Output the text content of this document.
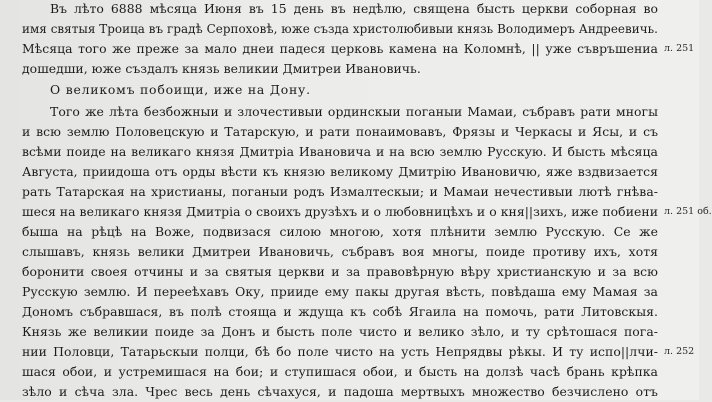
Въ лѣто 6888 мѣсяца Июня въ 15 день въ недѣлю, священа бысть церкви соборная во
имя святыя Троица въ градѣ Серпоховѣ, юже създа христолюбивыи князь Володимеръ Андреевичь.
Мѣсяца того же преже за мало днеи падеся церковь камена на Коломнѣ, || уже съвръшениа
дошедши, юже създалъ князь великии Дмитреи Ивановичь.
О великомъ побоищи, иже на Дону.
Того же лѣта безбожныи и злочестивыи ординскыи поганыи Мамаи, събравъ рати многы
и всю землю Половецскую и Татарскую, и рати понаимовавъ, Фрязы и Черкасы и Ясы, и съ
всѣми поиде на великаго князя Дмитрiа Ивановича и на всю землю Русскую. И бысть мѣсяца
Августа, приидоша отъ орды вѣсти къ князю великому Дмитрiю Ивановичю, яже вздвизается
рать Татарская на христианы, поганыи родъ Измалтескыи; и Мамаи нечестивыи лютѣ гнѣва-
шеся на великаго князя Дмитрiа о своихъ друзѣхъ и о любовницѣхъ и о кня||зихъ, иже побиени
быша на рѣцѣ на Воже, подвизася силою многою, хотя плѣнити землю Русскую. Се же
слышавъ, князь велики Дмитреи Ивановичь, събравъ воя многы, поиде противу ихъ, хотя
боронити своея отчины и за святыя церкви и за правовѣрную вѣру христианскую и за всю
Русскую землю. И перееѣхавъ Оку, прииде ему пакы другая вѣсть, повѣдаша ему Мамая за
Дономъ събравшася, въ полѣ стояща и ждуща къ собѣ Ягаила на помочь, рати Литовскыя.
Князь же великии поиде за Донъ и бысть поле чисто и велико зѣло, и ту срѣтошася пога-
нии Половци, Татарьскыи полци, бѣ бо поле чисто на усть Непрядвы рѣкы. И ту испо||лчи-
шася обои, и устремишася на бои; и ступишася обои, и бысть на долзѣ часѣ брань крѣпка
зѣло и сѣча зла. Чрес весь день сѣчахуся, и падоша мертвыхъ множество безчислено отъ
л. 251
л. 251 об.
л. 252
